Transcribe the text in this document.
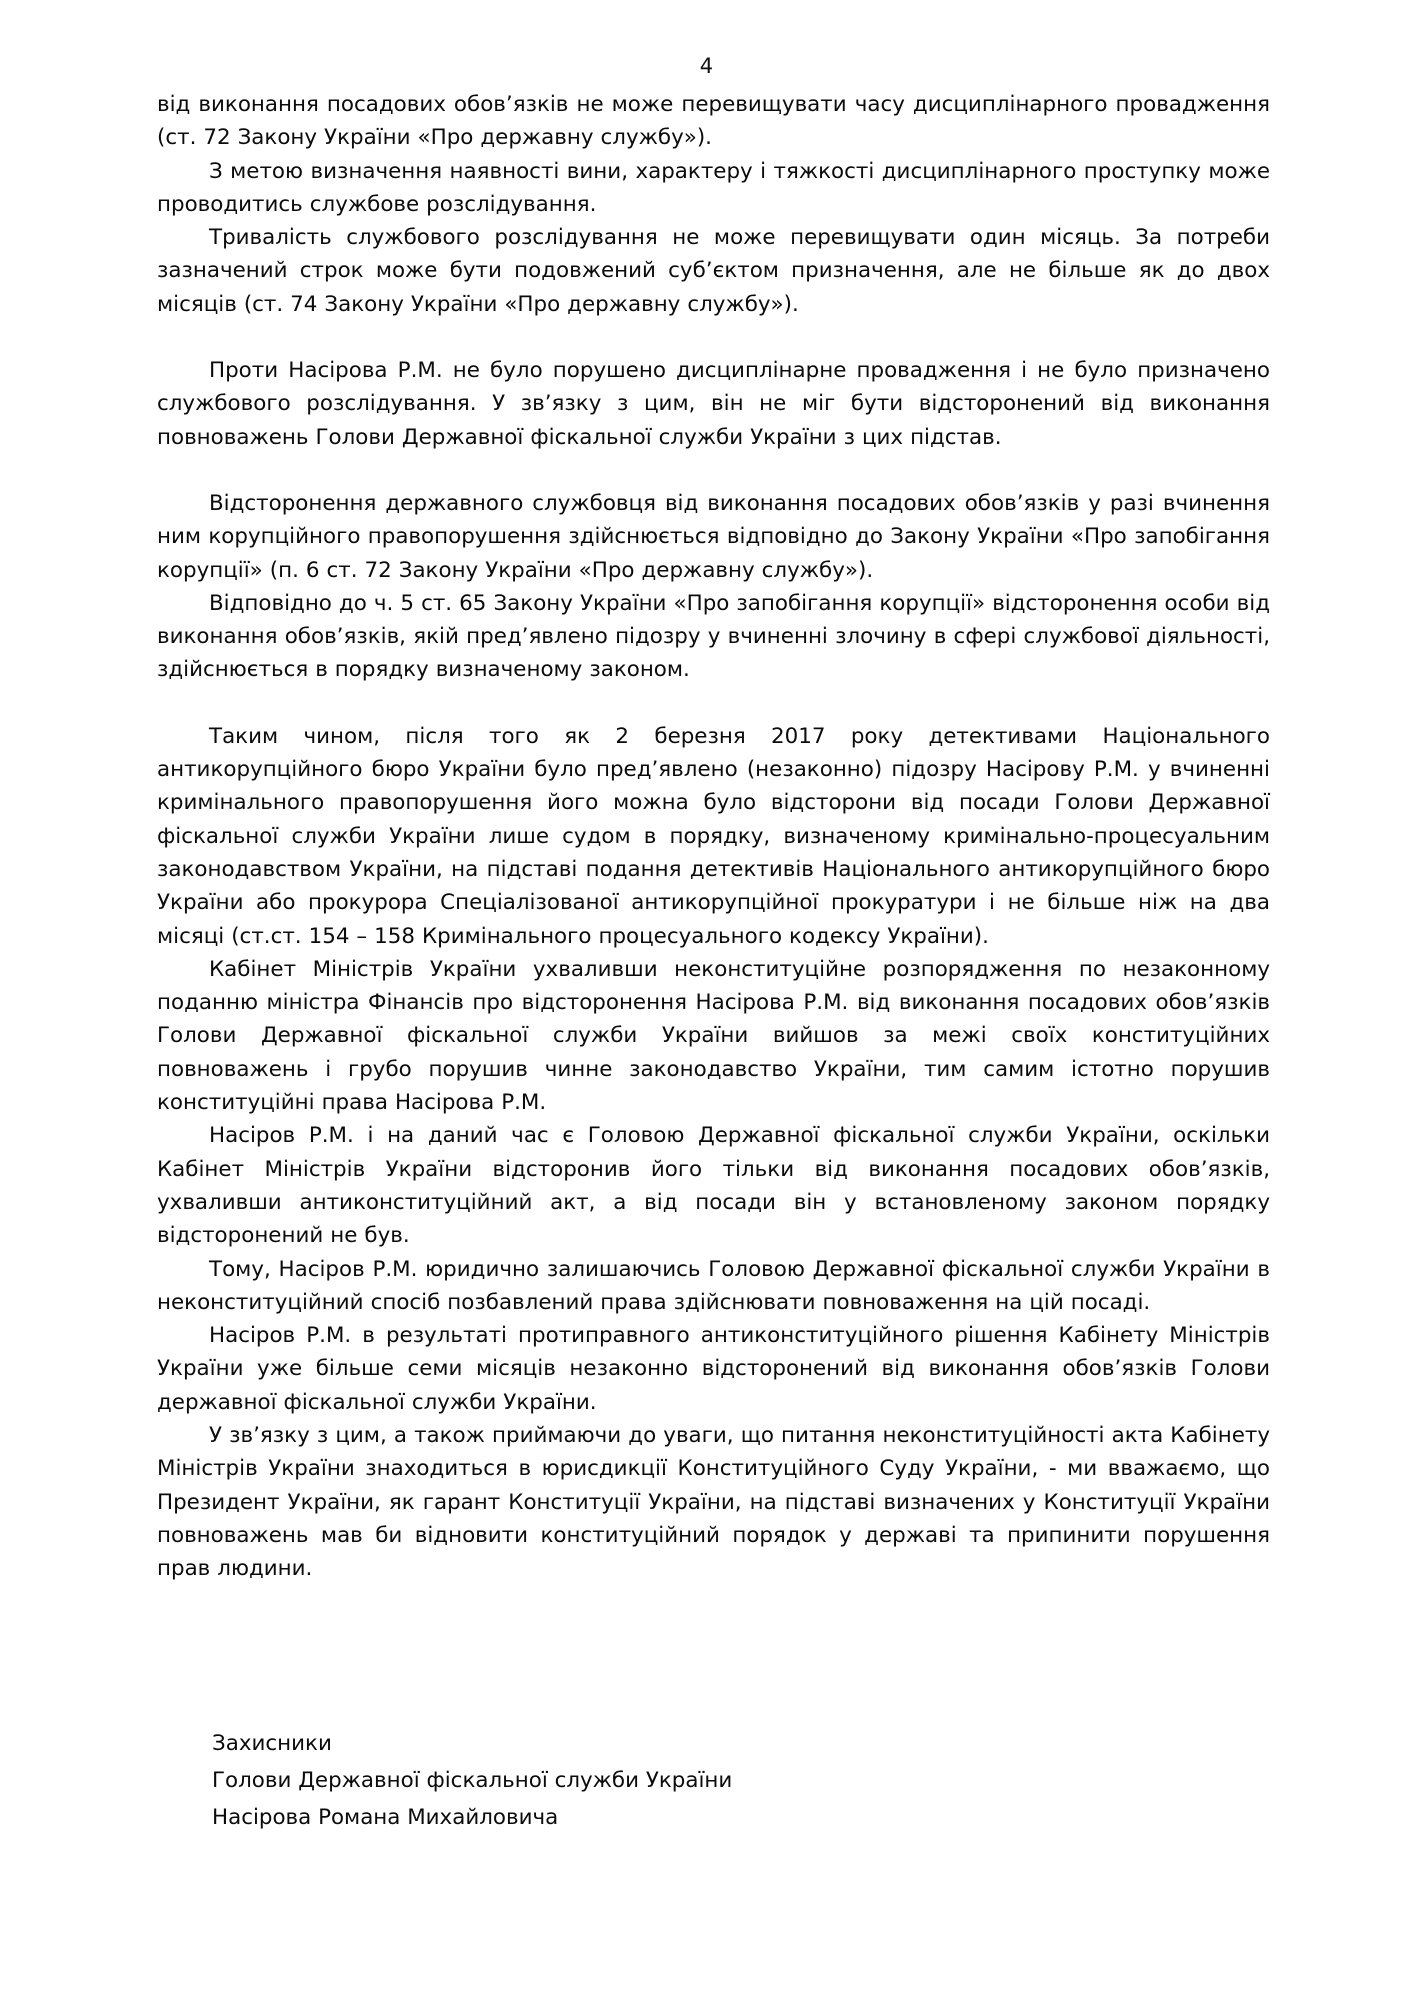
4

від виконання посадових обов’язків не може перевищувати часу дисциплінарного провадження (ст. 72 Закону України «Про державну службу»).

З метою визначення наявності вини, характеру і тяжкості дисциплінарного проступку може проводитись службове розслідування.

Тривалість службового розслідування не може перевищувати один місяць. За потреби зазначений строк може бути подовжений суб’єктом призначення, але не більше як до двох місяців (ст. 74 Закону України «Про державну службу»).

Проти Насірова Р.М. не було порушено дисциплінарне провадження і не було призначено службового розслідування. У зв’язку з цим, він не міг бути відсторонений від виконання повноважень Голови Державної фіскальної служби України з цих підстав.

Відсторонення державного службовця від виконання посадових обов’язків у разі вчинення ним корупційного правопорушення здійснюється відповідно до Закону України «Про запобігання корупції» (п. 6 ст. 72 Закону України «Про державну службу»).

Відповідно до ч. 5 ст. 65 Закону України «Про запобігання корупції» відсторонення особи від виконання обов’язків, якій пред’явлено підозру у вчиненні злочину в сфері службової діяльності, здійснюється в порядку визначеному законом.

Таким чином, після того як 2 березня 2017 року детективами Національного антикорупційного бюро України було пред’явлено (незаконно) підозру Насірову Р.М. у вчиненні кримінального правопорушення його можна було відсторони від посади Голови Державної фіскальної служби України лише судом в порядку, визначеному кримінально-процесуальним законодавством України, на підставі подання детективів Національного антикорупційного бюро України або прокурора Спеціалізованої антикорупційної прокуратури і не більше ніж на два місяці (ст.ст. 154 – 158 Кримінального процесуального кодексу України).

Кабінет Міністрів України ухваливши неконституційне розпорядження по незаконному поданню міністра Фінансів про відсторонення Насірова Р.М. від виконання посадових обов’язків Голови Державної фіскальної служби України вийшов за межі своїх конституційних повноважень і грубо порушив чинне законодавство України, тим самим істотно порушив конституційні права Насірова Р.М.

Насіров Р.М. і на даний час є Головою Державної фіскальної служби України, оскільки Кабінет Міністрів України відсторонив його тільки від виконання посадових обов’язків, ухваливши антиконституційний акт, а від посади він у встановленому законом порядку відсторонений не був.

Тому, Насіров Р.М. юридично залишаючись Головою Державної фіскальної служби України в неконституційний спосіб позбавлений права здійснювати повноваження на цій посаді.

Насіров Р.М. в результаті протиправного антиконституційного рішення Кабінету Міністрів України уже більше семи місяців незаконно відсторонений від виконання обов’язків Голови державної фіскальної служби України.

У зв’язку з цим, а також приймаючи до уваги, що питання неконституційності акта Кабінету Міністрів України знаходиться в юрисдикції Конституційного Суду України, - ми вважаємо, що Президент України, як гарант Конституції України, на підставі визначених у Конституції України повноважень мав би відновити конституційний порядок у державі та припинити порушення прав людини.

Захисники
Голови Державної фіскальної служби України
Насірова Романа Михайловича
